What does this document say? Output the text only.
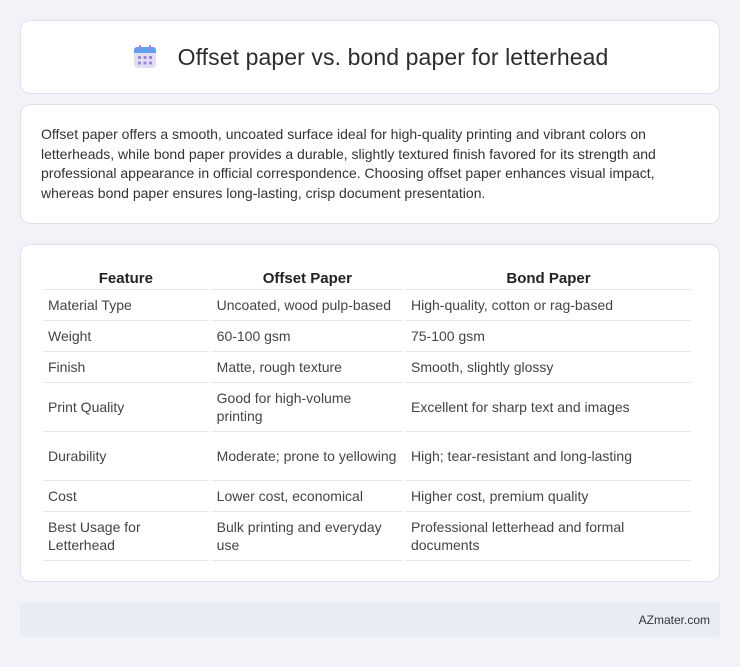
Offset paper vs. bond paper for letterhead

Offset paper offers a smooth, uncoated surface ideal for high-quality printing and vibrant colors on letterheads, while bond paper provides a durable, slightly textured finish favored for its strength and professional appearance in official correspondence. Choosing offset paper enhances visual impact, whereas bond paper ensures long-lasting, crisp document presentation.

Feature	Offset Paper	Bond Paper
Material Type	Uncoated, wood pulp-based	High-quality, cotton or rag-based
Weight	60-100 gsm	75-100 gsm
Finish	Matte, rough texture	Smooth, slightly glossy
Print Quality	Good for high-volume printing	Excellent for sharp text and images
Durability	Moderate; prone to yellowing	High; tear-resistant and long-lasting
Cost	Lower cost, economical	Higher cost, premium quality
Best Usage for Letterhead	Bulk printing and everyday use	Professional letterhead and formal documents
AZmater.com
